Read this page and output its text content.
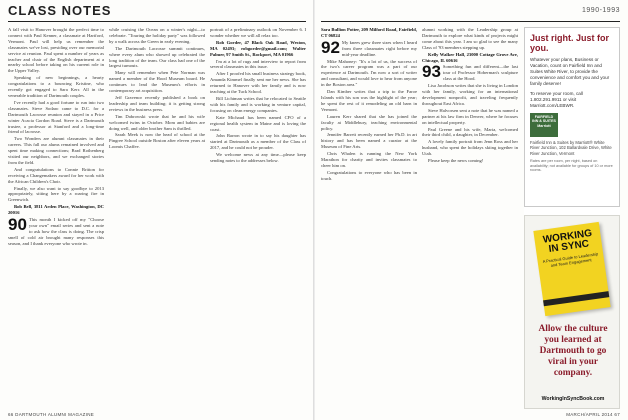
CLASS NOTES	1990-1993

A fall visit to Hanover brought the perfect time to connect with Paul Kenner, a classmate at Hartford, Vermont. Paul will help us remember the classmates we've lost, presiding over our memorial service at reunion. Paul spent a number of years as teacher and chair of the English department at a nearby school before taking on his current role in the Upper Valley.

Speaking of new beginnings, a hearty congratulations to a bouncing Kristine, who recently got engaged to Sara Kerr. All in the venerable tradition of Dartmouth couples.

I've recently had a good fortune to run into two classmates. Steve Sodaro came to D.C. for a Dartmouth Lacrosse reunion and stayed in a Price winter Acacia Gordon Road. Steve is a Dartmouth trustee, a professor at Stanford and a long-time friend of lacrosse.

Two Wonders are alumni classmates in their careers. This fall our alums remained involved and spent time making connections; Brad Rothenberg visited our neighbors, and we exchanged stories from the field.

And congratulations to Connie Britton for receiving a Changemakers award for her work with the African Children's Choir.

Finally, we also want to say goodbye to 2013 appropriately, sitting here by a roaring fire in Greenwich.

Bob Bell, 3811 Arden Place, Washington, DC 20016

90 This month I kicked off my "Choose your own" email series and sent a note to ask how the class is doing. The crisp smell of cold air brought many responses this season, and I thank everyone who wrote in.

while cruising the Ocean on a winter's night—to celebrate. "Touring the holiday party" was followed by a walk across the Green in early evening.

The Dartmouth Lacrosse summit continues, where every alum who showed up celebrated the long tradition of the team. Our class had one of the largest turnouts.

Many will remember when Pete Norman was named a member of the Hood Museum board. He continues to lead the Museum's efforts in contemporary art acquisition.

Jeff Gravenor recently published a book on leadership and team building; it is getting strong reviews in the business press.

Tim Dabrowski wrote that he and his wife welcomed twins in October. Mom and babies are doing well, and older brother Sam is thrilled.

Sarah Meek is now the head of school at the Pingree School outside Boston after eleven years at Loomis Chaffee.

portrait of a preliminary outlook on November 6. I wonder whether we will all relax too.

Rob Gorder, 47 Black Oak Road, Weston, MA 02493; robgorder@gmail.com; Walter Palmer, 97 Smith St., Rockport, MA 01966

I'm at a lot of rugs and interview to report from several classmates in this issue.

After I proofed his small business strategy book, Amanda Kimmel finally sent me her news. She has returned to Hanover with her family and is now teaching at the Tuck School.

Bill Lichtman writes that he relocated to Seattle with his family and is working in venture capital, focusing on clean energy companies.

Kate Michaud has been named CFO of a regional health system in Maine and is loving the coast.

John Barron wrote in to say his daughter has started at Dartmouth as a member of the Class of 2017, and he could not be prouder.

We welcome news at any time—please keep sending notes to the addresses below.

Sara Bullion Potter, 209 Milford Road, Fairfield, CT 06824

92 My knees grew three sizes when I heard from three classmates right before my mid-year deadline.

Mike Mahoney: "It's a lot of us, the success of the two's career program was a part of our experience at Dartmouth. I'm now a sort of writer and consultant, and would love to hear from anyone in the Boston area."

Dan Kimber writes that a trip to the Faroe Islands with his son was the highlight of the year; he spent the rest of it remodeling an old barn in Vermont.

Lauren Kerr shared that she has joined the faculty at Middlebury, teaching environmental policy.

Jennifer Barrett recently earned her Ph.D. in art history and has been named a curator at the Museum of Fine Arts.

Chris Whalen is running the New York Marathon for charity and invites classmates to cheer him on.

Congratulations to everyone who has been in touch.

alumni working with the Leadership group at Dartmouth to explore what kinds of projects might come about this year. I am so glad to see the many Class of '93 members stepping up.

Kelly Walker Hall, 23000 Cottage Grove Ave, Chicago, IL 60616

93 Something fun and different—the last tour of Professor Hoberman's sculpture class at the Hood.

Lisa Jacobson writes that she is living in London with her family, working for an international development nonprofit, and traveling frequently throughout East Africa.

Steve Halvorsen sent a note that he was named a partner at his law firm in Denver, where he focuses on intellectual property.

Paul Greene and his wife, Maria, welcomed their third child, a daughter, in December.

A lovely family portrait from Jenn Ross and her husband, who spent the holidays skiing together in Utah.

Please keep the news coming!

Just right. Just for you.
Whatever your plans, Business or Vacation, count on Fairfield Inn and Suites White River, to provide the convenience and comfort you and your family deserve!
To reserve your room, call 1.802.291.9911 or visit Marriott.com/LEBWR.
FAIRFIELD INN & SUITES Marriott
Fairfield Inn & Suites by Marriott® White River Junction, 102 Ballardvale Drive, White River Junction, Vermont
Rates are per room, per night, based on availability; not available for groups of 10 or more rooms.
WORKING IN SYNC
A Practical Guide to Leadership and Team Engagement
Allow the culture you learned at Dartmouth to go viral in your company.
WorkingInSyncBook.com
66 DARTMOUTH ALUMNI MAGAZINE	MARCH/APRIL 2014 67
